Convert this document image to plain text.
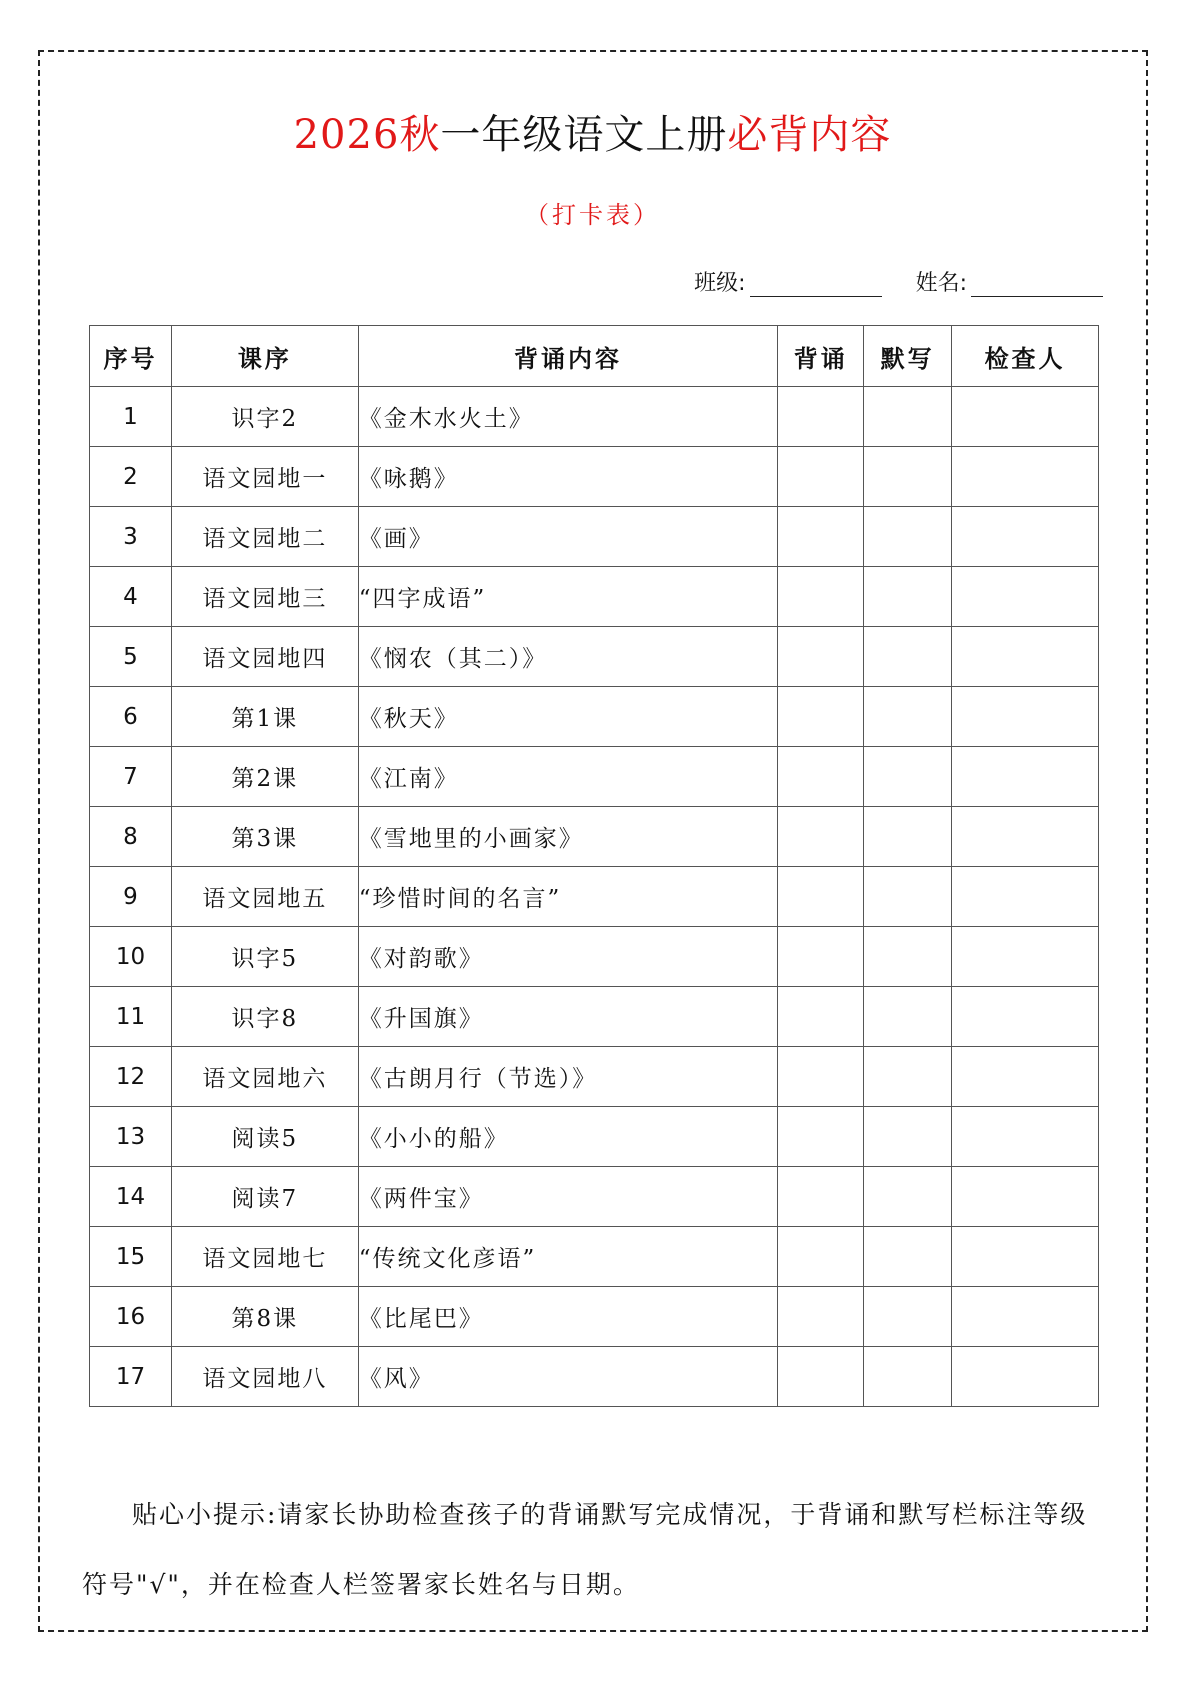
2026秋一年级语文上册必背内容
（打卡表）
班级:	姓名:
序号	课序	背诵内容	背诵	默写	检查人
1	识字2	《金木水火土》			
2	语文园地一	《咏鹅》			
3	语文园地二	《画》			
4	语文园地三	“四字成语”			
5	语文园地四	《悯农（其二）》			
6	第1课	《秋天》			
7	第2课	《江南》			
8	第3课	《雪地里的小画家》			
9	语文园地五	“珍惜时间的名言”			
10	识字5	《对韵歌》			
11	识字8	《升国旗》			
12	语文园地六	《古朗月行（节选）》			
13	阅读5	《小小的船》			
14	阅读7	《两件宝》			
15	语文园地七	“传统文化彦语”			
16	第8课	《比尾巴》			
17	语文园地八	《风》			
贴心小提示:请家长协助检查孩子的背诵默写完成情况，于背诵和默写栏标注等级符号"√"，并在检查人栏签署家长姓名与日期。
